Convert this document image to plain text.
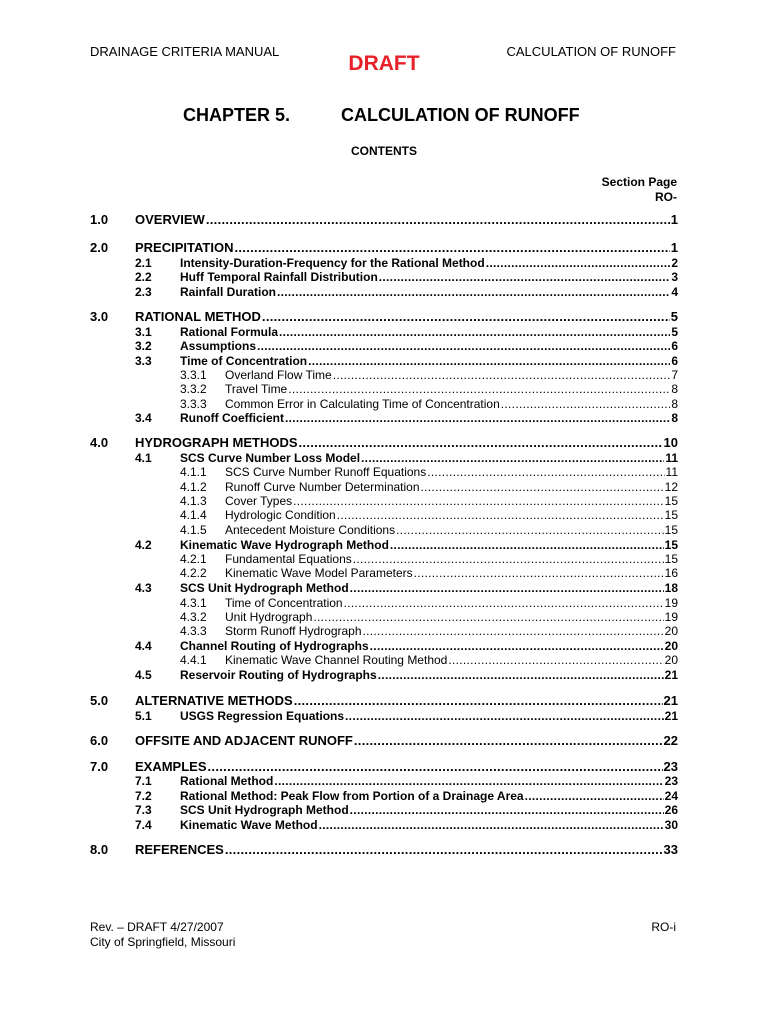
DRAINAGE CRITERIA MANUAL	CALCULATION OF RUNOFF
DRAFT
CHAPTER 5.	CALCULATION OF RUNOFF
CONTENTS
Section Page
RO-
1.0 OVERVIEW .....	1
2.0 PRECIPITATION .....	1
2.1 Intensity-Duration-Frequency for the Rational Method .....	2
2.2 Huff Temporal Rainfall Distribution .....	3
2.3 Rainfall Duration .....	4
3.0 RATIONAL METHOD .....	5
3.1 Rational Formula .....	5
3.2 Assumptions .....	6
3.3 Time of Concentration .....	6
3.3.1 Overland Flow Time .....	7
3.3.2 Travel Time .....	8
3.3.3 Common Error in Calculating Time of Concentration .....	8
3.4 Runoff Coefficient .....	8
4.0 HYDROGRAPH METHODS .....	10
4.1 SCS Curve Number Loss Model .....	11
4.1.1 SCS Curve Number Runoff Equations .....	11
4.1.2 Runoff Curve Number Determination .....	12
4.1.3 Cover Types .....	15
4.1.4 Hydrologic Condition .....	15
4.1.5 Antecedent Moisture Conditions .....	15
4.2 Kinematic Wave Hydrograph Method .....	15
4.2.1 Fundamental Equations .....	15
4.2.2 Kinematic Wave Model Parameters .....	16
4.3 SCS Unit Hydrograph Method .....	18
4.3.1 Time of Concentration .....	19
4.3.2 Unit Hydrograph .....	19
4.3.3 Storm Runoff Hydrograph .....	20
4.4 Channel Routing of Hydrographs .....	20
4.4.1 Kinematic Wave Channel Routing Method .....	20
4.5 Reservoir Routing of Hydrographs .....	21
5.0 ALTERNATIVE METHODS .....	21
5.1 USGS Regression Equations .....	21
6.0 OFFSITE AND ADJACENT RUNOFF .....	22
7.0 EXAMPLES .....	23
7.1 Rational Method .....	23
7.2 Rational Method: Peak Flow from Portion of a Drainage Area .....	24
7.3 SCS Unit Hydrograph Method .....	26
7.4 Kinematic Wave Method .....	30
8.0 REFERENCES .....	33
Rev. – DRAFT 4/27/2007
City of Springfield, Missouri
RO-i
